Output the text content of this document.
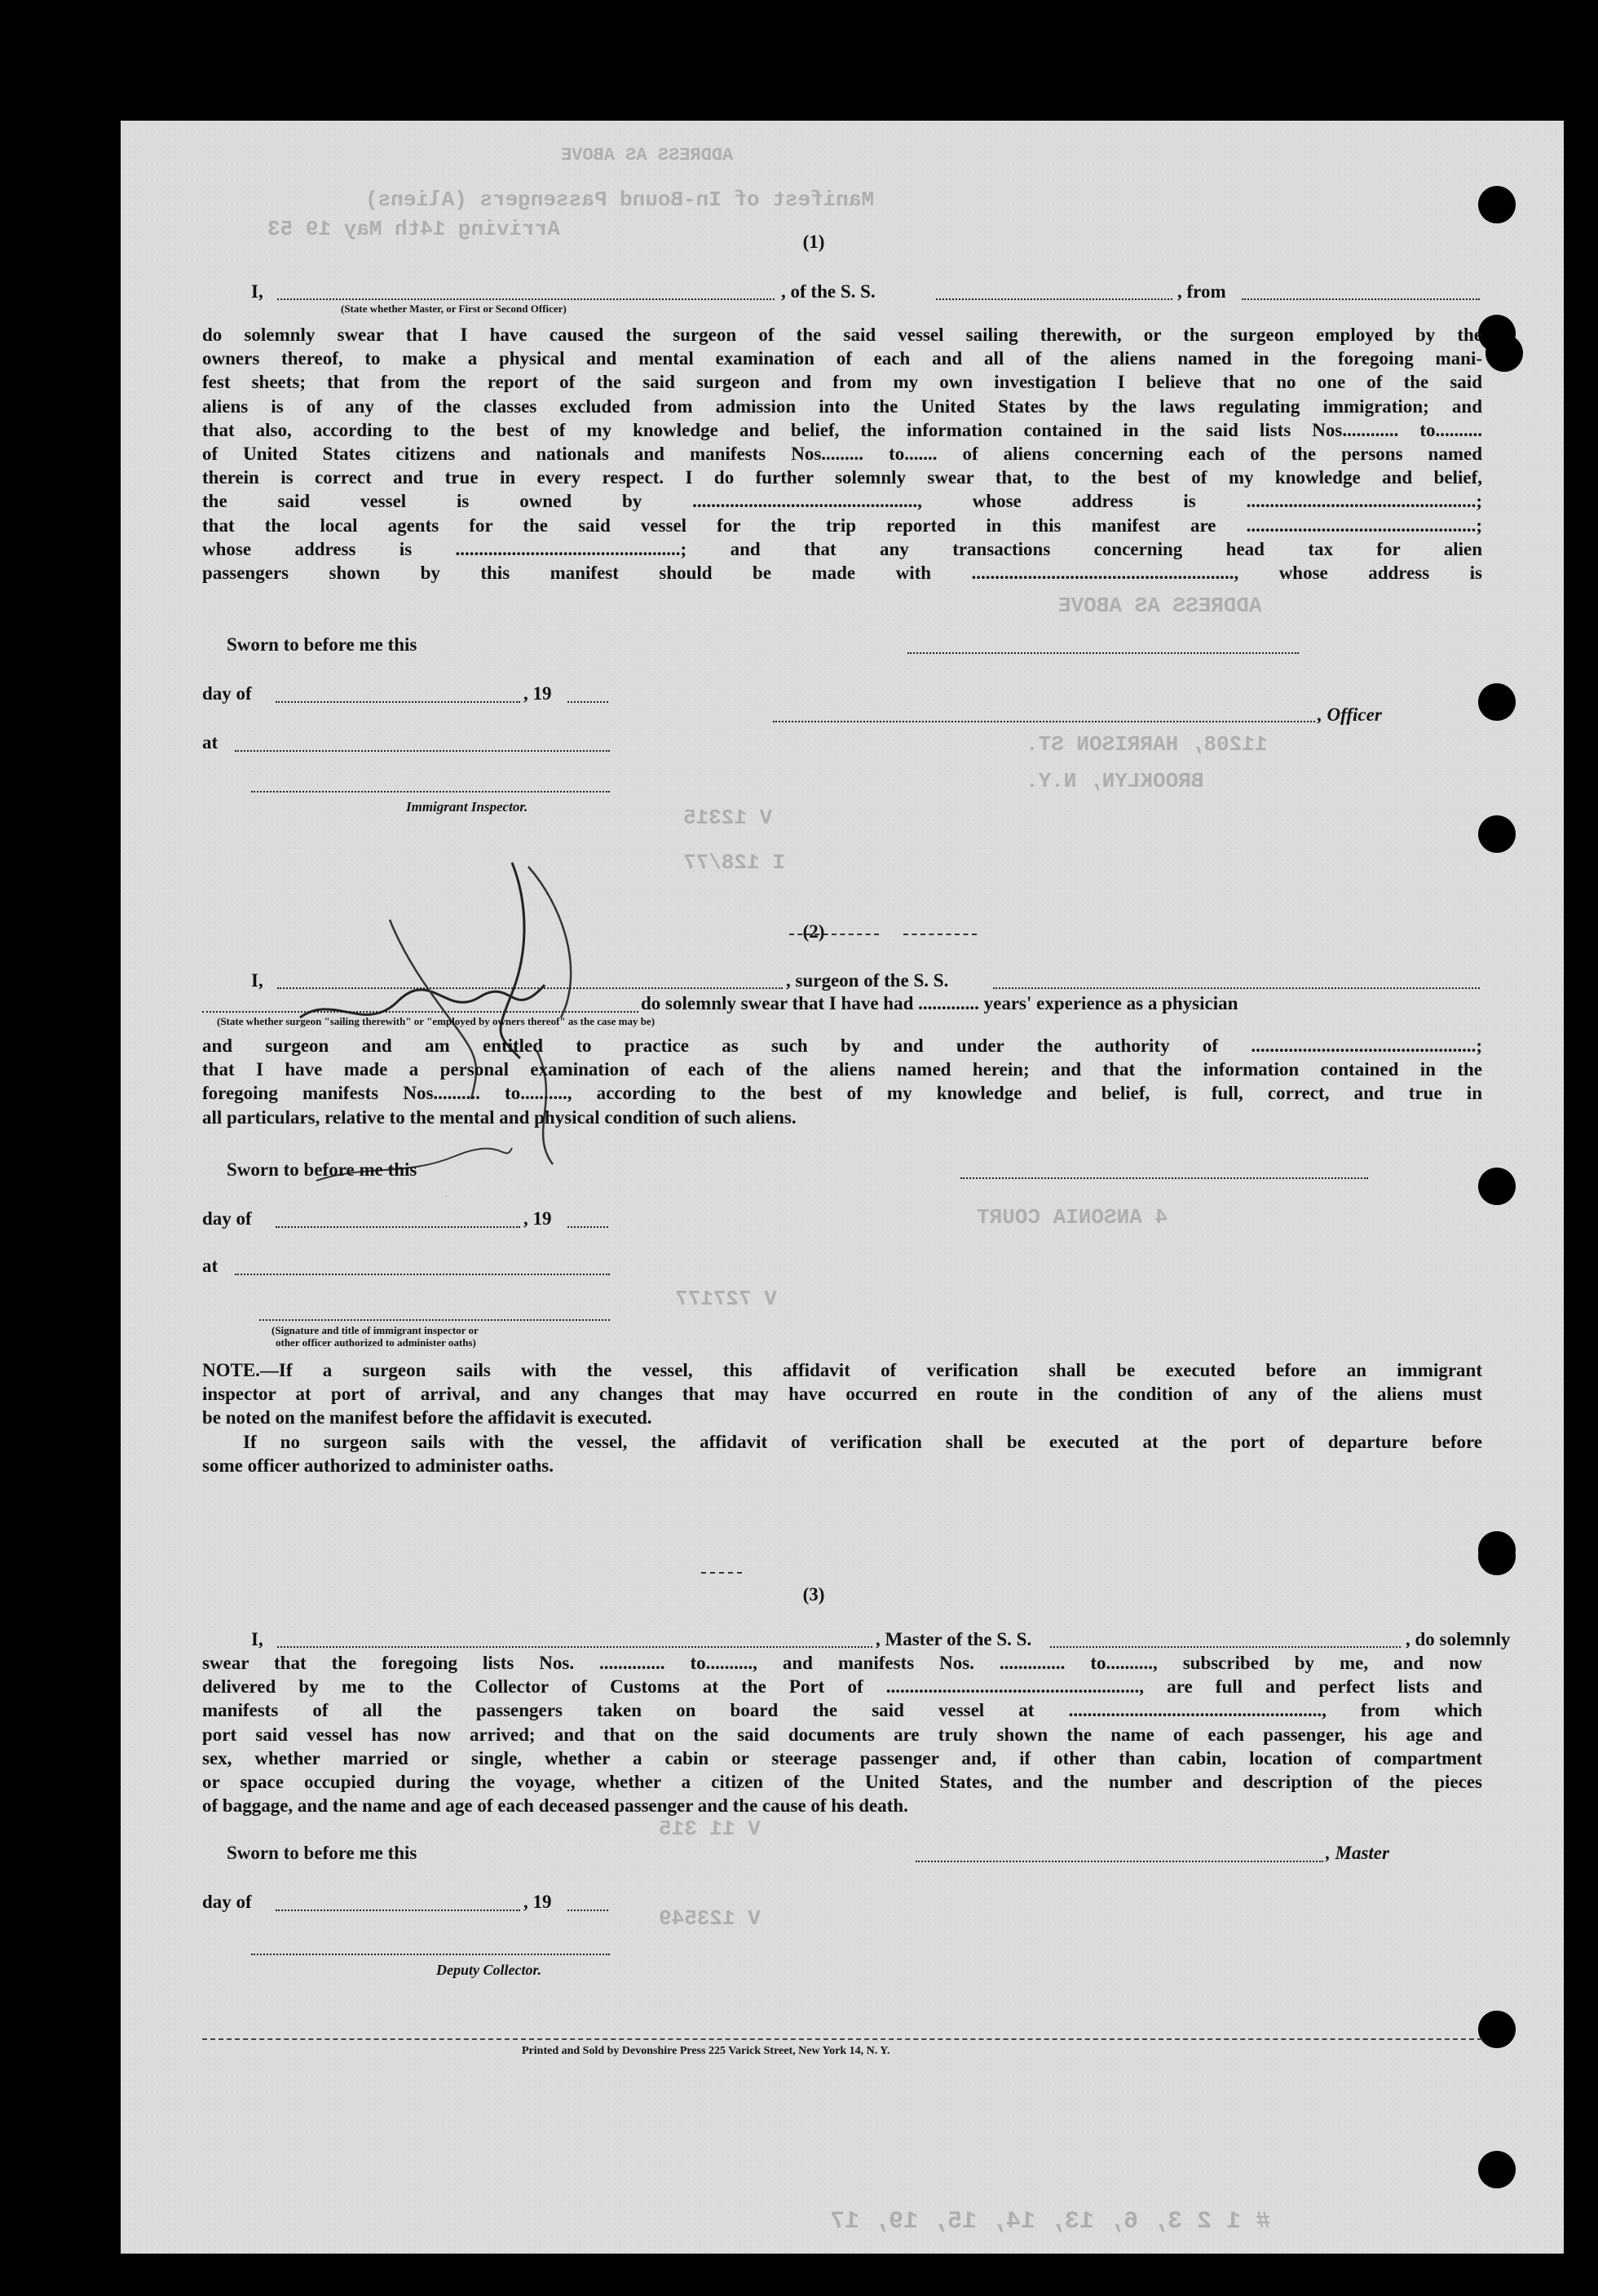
ADDRESS AS ABOVE
Manifest of In-Bound Passengers (Aliens)
Arriving 14th May 19 53
ADDRESS AS ABOVE
11208, HARRISON ST.
BROOKLYN, N.Y.
V 12315
I 128/77
4 ANSONIA COURT
V 727177
V 11 315
V 123549
# 1 2 3, 6, 13, 14, 15, 19, 17
(1)
I,	, of the S. S.	, from
(State whether Master, or First or Second Officer)
do solemnly swear that I have caused the surgeon of the said vessel sailing therewith, or the surgeon employed by the
owners thereof, to make a physical and mental examination of each and all of the aliens named in the foregoing mani-
fest sheets; that from the report of the said surgeon and from my own investigation I believe that no one of the said
aliens is of any of the classes excluded from admission into the United States by the laws regulating immigration; and
that also, according to the best of my knowledge and belief, the information contained in the said lists Nos............ to..........
of United States citizens and nationals and manifests Nos......... to....... of aliens concerning each of the persons named
therein is correct and true in every respect. I do further solemnly swear that, to the best of my knowledge and belief,
the said vessel is owned by ................................................, whose address is .................................................;
that the local agents for the said vessel for the trip reported in this manifest are .................................................;
whose address is ................................................; and that any transactions concerning head tax for alien
passengers shown by this manifest should be made with ........................................................, whose address is
Sworn to before me this
day of	, 19
, Officer
at
Immigrant Inspector.
(2)
I,	, surgeon of the S. S.
do solemnly swear that I have had ............. years' experience as a physician
(State whether surgeon "sailing therewith" or "employed by owners thereof" as the case may be)
and surgeon and am entitled to practice as such by and under the authority of ................................................;
that I have made a personal examination of each of the aliens named herein; and that the information contained in the
foregoing manifests Nos.......... to.........., according to the best of my knowledge and belief, is full, correct, and true in
all particulars, relative to the mental and physical condition of such aliens.
Sworn to before me this
day of	, 19
at
(Signature and title of immigrant inspector or
other officer authorized to administer oaths)
NOTE.—If a surgeon sails with the vessel, this affidavit of verification shall be executed before an immigrant
inspector at port of arrival, and any changes that may have occurred en route in the condition of any of the aliens must
be noted on the manifest before the affidavit is executed.
If no surgeon sails with the vessel, the affidavit of verification shall be executed at the port of departure before
some officer authorized to administer oaths.
(3)
I,	, Master of the S. S.	, do solemnly
swear that the foregoing lists Nos. .............. to.........., and manifests Nos. .............. to.........., subscribed by me, and now
delivered by me to the Collector of Customs at the Port of ......................................................, are full and perfect lists and
manifests of all the passengers taken on board the said vessel at ......................................................, from which
port said vessel has now arrived; and that on the said documents are truly shown the name of each passenger, his age and
sex, whether married or single, whether a cabin or steerage passenger and, if other than cabin, location of compartment
or space occupied during the voyage, whether a citizen of the United States, and the number and description of the pieces
of baggage, and the name and age of each deceased passenger and the cause of his death.
Sworn to before me this	, Master
day of	, 19
Deputy Collector.
Printed and Sold by Devonshire Press 225 Varick Street, New York 14, N. Y.
